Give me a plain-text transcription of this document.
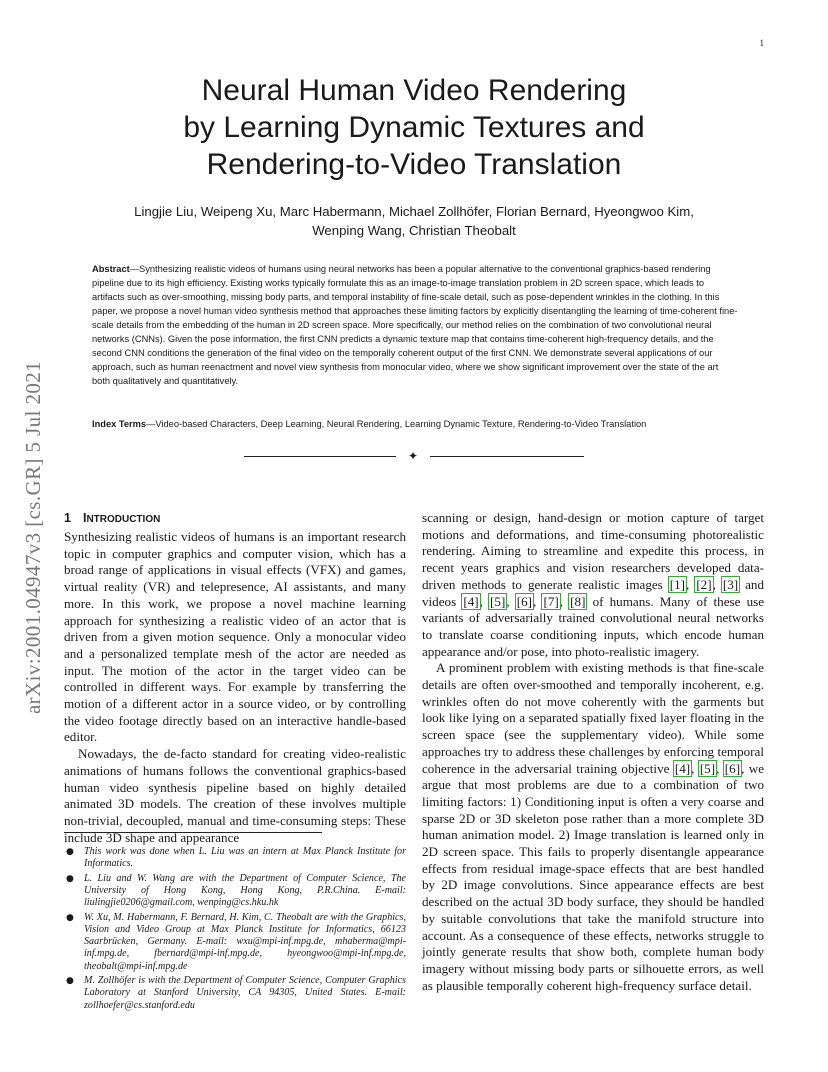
1
arXiv:2001.04947v3 [cs.GR] 5 Jul 2021
Neural Human Video Rendering
by Learning Dynamic Textures and
Rendering-to-Video Translation

Lingjie Liu, Weipeng Xu, Marc Habermann, Michael Zollhöfer, Florian Bernard, Hyeongwoo Kim,
Wenping Wang, Christian Theobalt

Abstract—Synthesizing realistic videos of humans using neural networks has been a popular alternative to the conventional graphics-based rendering pipeline due to its high efficiency. Existing works typically formulate this as an image-to-image translation problem in 2D screen space, which leads to artifacts such as over-smoothing, missing body parts, and temporal instability of fine-scale detail, such as pose-dependent wrinkles in the clothing. In this paper, we propose a novel human video synthesis method that approaches these limiting factors by explicitly disentangling the learning of time-coherent fine-scale details from the embedding of the human in 2D screen space. More specifically, our method relies on the combination of two convolutional neural networks (CNNs). Given the pose information, the first CNN predicts a dynamic texture map that contains time-coherent high-frequency details, and the second CNN conditions the generation of the final video on the temporally coherent output of the first CNN. We demonstrate several applications of our approach, such as human reenactment and novel view synthesis from monocular video, where we show significant improvement over the state of the art both qualitatively and quantitatively.

Index Terms—Video-based Characters, Deep Learning, Neural Rendering, Learning Dynamic Texture, Rendering-to-Video Translation

✦
1 INTRODUCTION

Synthesizing realistic videos of humans is an important research topic in computer graphics and computer vision, which has a broad range of applications in visual effects (VFX) and games, virtual reality (VR) and telepresence, AI assistants, and many more. In this work, we propose a novel machine learning approach for synthesizing a realistic video of an actor that is driven from a given motion sequence. Only a monocular video and a personalized template mesh of the actor are needed as input. The motion of the actor in the target video can be controlled in different ways. For example by transferring the motion of a different actor in a source video, or by controlling the video footage directly based on an interactive handle-based editor.

Nowadays, the de-facto standard for creating video-realistic animations of humans follows the conventional graphics-based human video synthesis pipeline based on highly detailed animated 3D models. The creation of these involves multiple non-trivial, decoupled, manual and time-consuming steps: These include 3D shape and appearance

scanning or design, hand-design or motion capture of target motions and deformations, and time-consuming photorealistic rendering. Aiming to streamline and expedite this process, in recent years graphics and vision researchers developed data-driven methods to generate realistic images [1], [2], [3] and videos [4], [5], [6], [7], [8] of humans. Many of these use variants of adversarially trained convolutional neural networks to translate coarse conditioning inputs, which encode human appearance and/or pose, into photo-realistic imagery.

A prominent problem with existing methods is that fine-scale details are often over-smoothed and temporally incoherent, e.g. wrinkles often do not move coherently with the garments but look like lying on a separated spatially fixed layer floating in the screen space (see the supplementary video). While some approaches try to address these challenges by enforcing temporal coherence in the adversarial training objective [4], [5], [6], we argue that most problems are due to a combination of two limiting factors: 1) Conditioning input is often a very coarse and sparse 2D or 3D skeleton pose rather than a more complete 3D human animation model. 2) Image translation is learned only in 2D screen space. This fails to properly disentangle appearance effects from residual image-space effects that are best handled by 2D image convolutions. Since appearance effects are best described on the actual 3D body surface, they should be handled by suitable convolutions that take the manifold structure into account. As a consequence of these effects, networks struggle to jointly generate results that show both, complete human body imagery without missing body parts or silhouette errors, as well as plausible temporally coherent high-frequency surface detail.

● This work was done when L. Liu was an intern at Max Planck Institute for Informatics.
● L. Liu and W. Wang are with the Department of Computer Science, The University of Hong Kong, Hong Kong, P.R.China. E-mail: liulingjie0206@gmail.com, wenping@cs.hku.hk
● W. Xu, M. Habermann, F. Bernard, H. Kim, C. Theobalt are with the Graphics, Vision and Video Group at Max Planck Institute for Informatics, 66123 Saarbrücken, Germany. E-mail: wxu@mpi-inf.mpg.de, mhaberma@mpi-inf.mpg.de, fbernard@mpi-inf.mpg.de, hyeongwoo@mpi-inf.mpg.de, theobalt@mpi-inf.mpg.de
● M. Zollhöfer is with the Department of Computer Science, Computer Graphics Laboratory at Stanford University, CA 94305, United States. E-mail: zollhoefer@cs.stanford.edu
